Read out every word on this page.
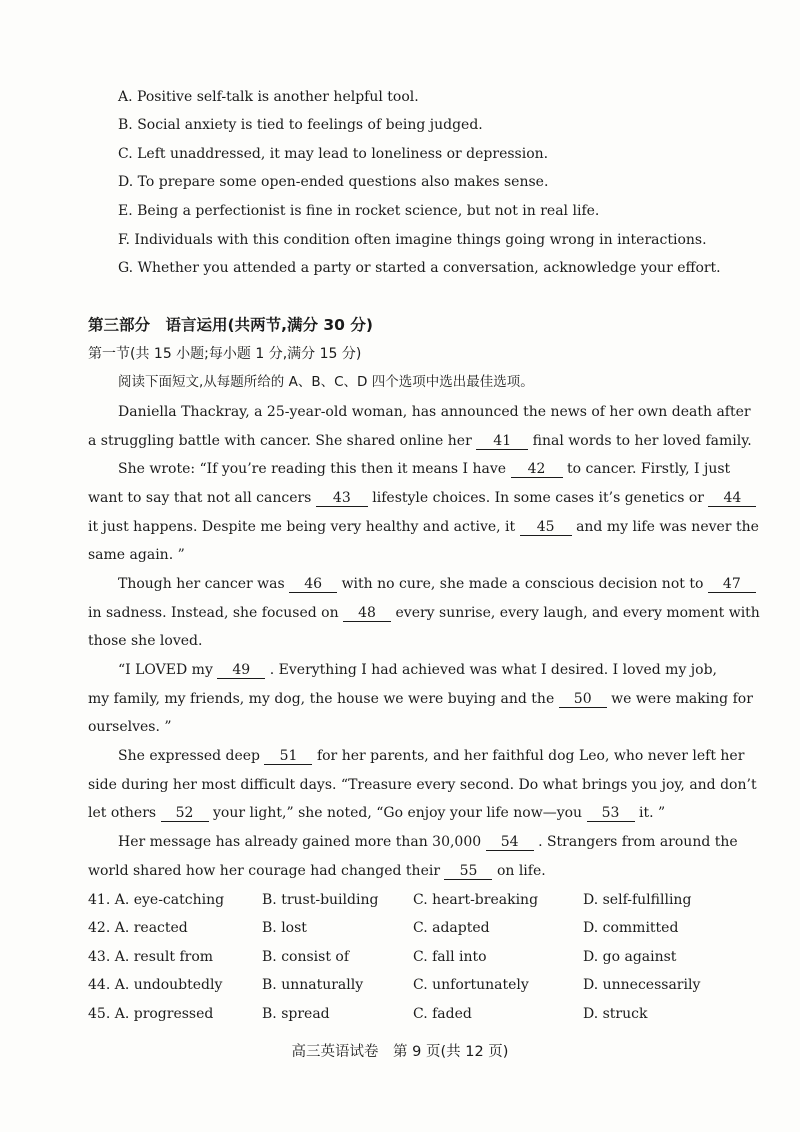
A. Positive self-talk is another helpful tool.
B. Social anxiety is tied to feelings of being judged.
C. Left unaddressed, it may lead to loneliness or depression.
D. To prepare some open-ended questions also makes sense.
E. Being a perfectionist is fine in rocket science, but not in real life.
F. Individuals with this condition often imagine things going wrong in interactions.
G. Whether you attended a party or started a conversation, acknowledge your effort.
第三部分　语言运用(共两节,满分 30 分)
第一节(共 15 小题;每小题 1 分,满分 15 分)
阅读下面短文,从每题所给的 A、B、C、D 四个选项中选出最佳选项。
Daniella Thackray, a 25-year-old woman, has announced the news of her own death after
a struggling battle with cancer. She shared online her 41 final words to her loved family.
She wrote: “If you’re reading this then it means I have 42 to cancer. Firstly, I just
want to say that not all cancers 43 lifestyle choices. In some cases it’s genetics or 44
it just happens. Despite me being very healthy and active, it 45 and my life was never the
same again. ”
Though her cancer was 46 with no cure, she made a conscious decision not to 47
in sadness. Instead, she focused on 48 every sunrise, every laugh, and every moment with
those she loved.
“I LOVED my 49 . Everything I had achieved was what I desired. I loved my job,
my family, my friends, my dog, the house we were buying and the 50 we were making for
ourselves. ”
She expressed deep 51 for her parents, and her faithful dog Leo, who never left her
side during her most difficult days. “Treasure every second. Do what brings you joy, and don’t
let others 52 your light,” she noted, “Go enjoy your life now—you 53 it. ”
Her message has already gained more than 30,000 54 . Strangers from around the
world shared how her courage had changed their 55 on life.
41. A. eye-catching	B. trust-building C. heart-breaking	D. self-fulfilling
42. A. reacted	B. lost	C. adapted	D. committed
43. A. result from	B. consist of	C. fall into	D. go against
44. A. undoubtedly	B. unnaturally	C. unfortunately	D. unnecessarily
45. A. progressed	B. spread	C. faded	D. struck
高三英语试卷　第 9 页(共 12 页)
